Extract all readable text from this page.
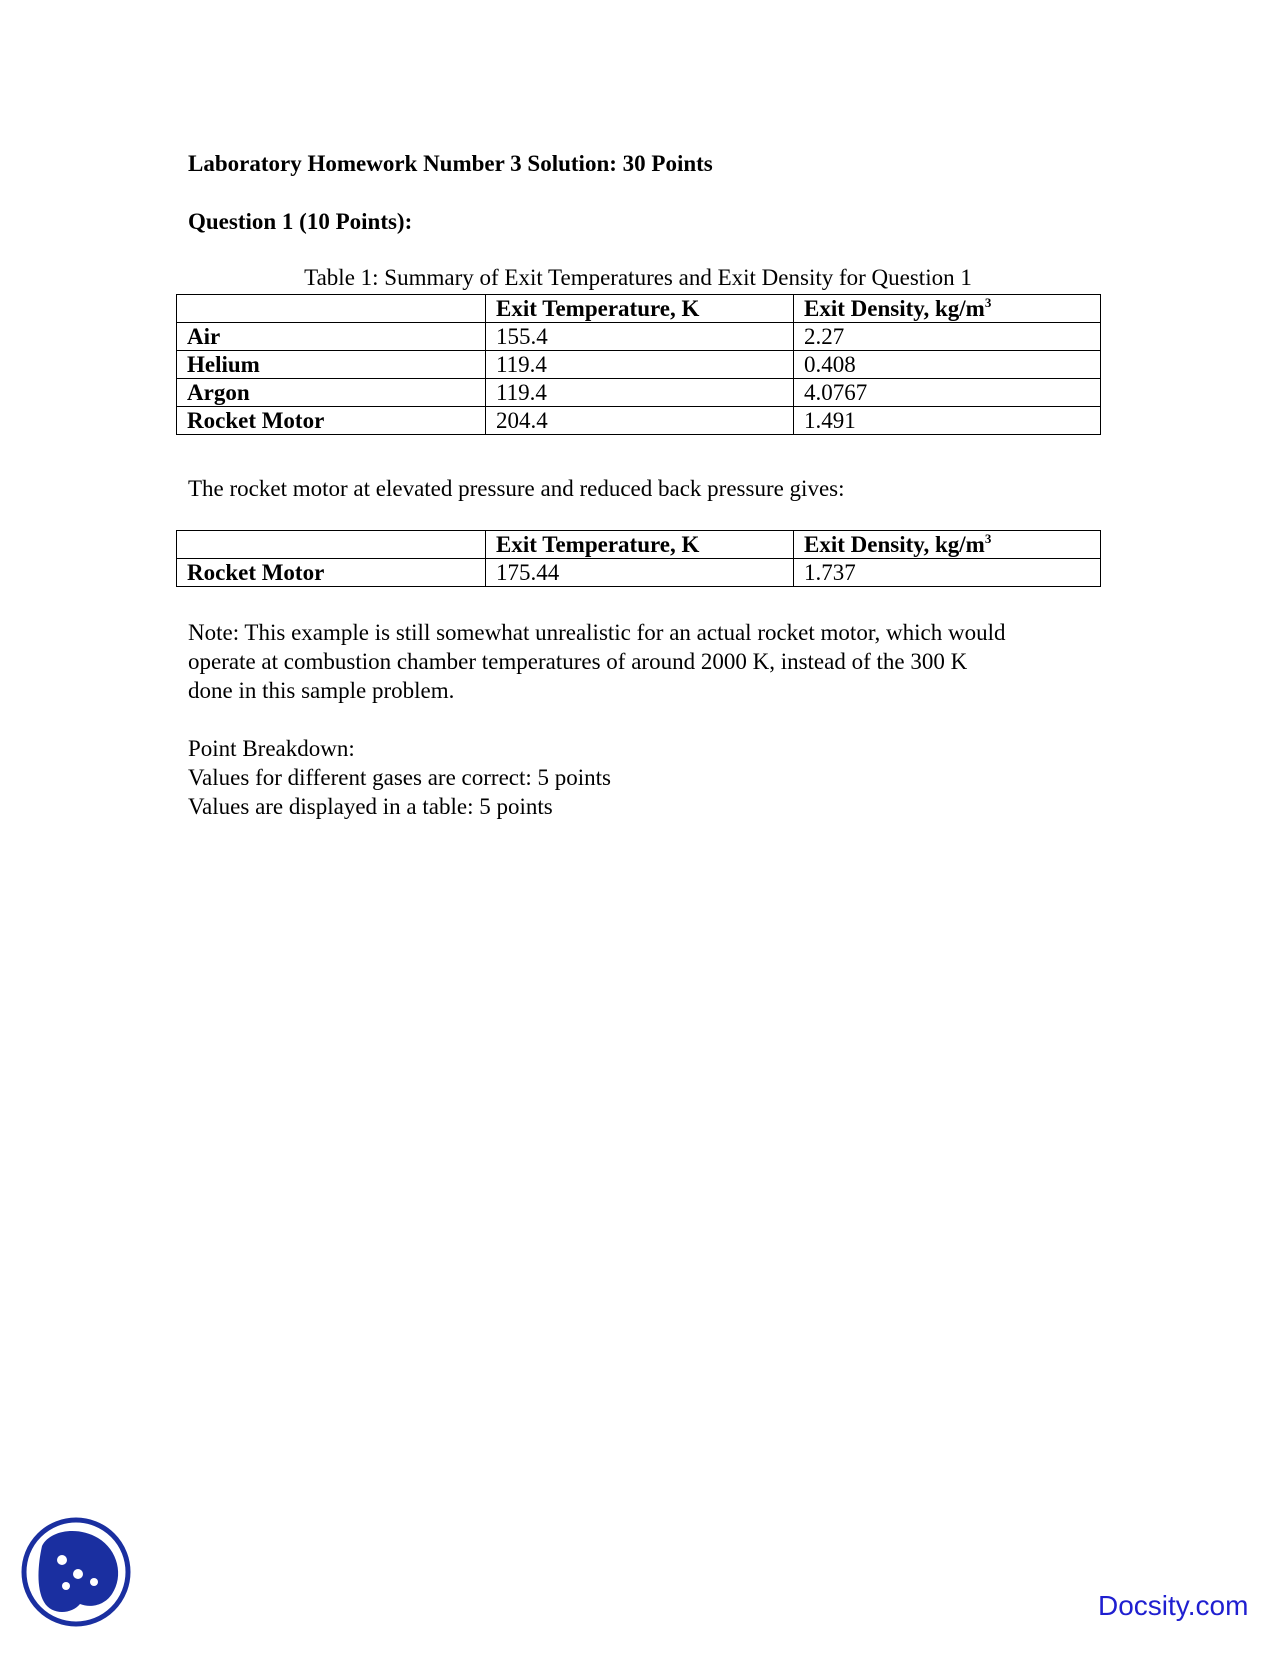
Laboratory Homework Number 3 Solution: 30 Points
Question 1 (10 Points):
Table 1: Summary of Exit Temperatures and Exit Density for Question 1
	Exit Temperature, K	Exit Density, $kg/m^3$
Air	155.4	2.27
Helium	119.4	0.408
Argon	119.4	4.0767
Rocket Motor	204.4	1.491
The rocket motor at elevated pressure and reduced back pressure gives:
	Exit Temperature, K	Exit Density, $kg/m^3$
Rocket Motor	175.44	1.737
Note: This example is still somewhat unrealistic for an actual rocket motor, which would
operate at combustion chamber temperatures of around 2000 K, instead of the 300 K
done in this sample problem.
Point Breakdown:
Values for different gases are correct: 5 points
Values are displayed in a table: 5 points
Docsity.com
